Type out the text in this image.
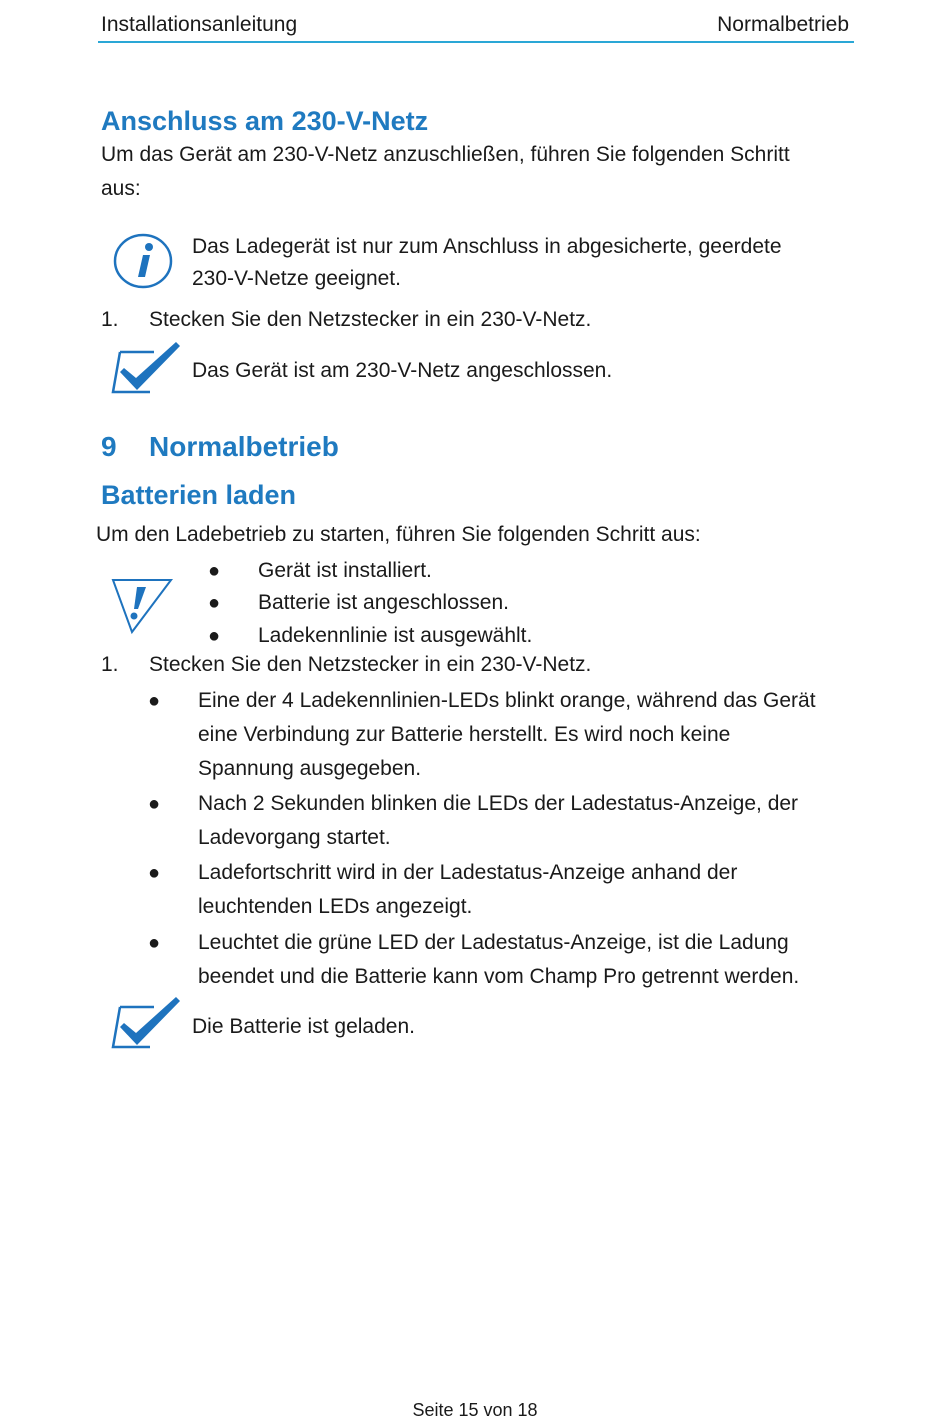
Installationsanleitung	Normalbetrieb
Anschluss am 230-V-Netz
Um das Gerät am 230-V-Netz anzuschließen, führen Sie folgenden Schritt
aus:
Das Ladegerät ist nur zum Anschluss in abgesicherte, geerdete
230-V-Netze geeignet.
1. Stecken Sie den Netzstecker in ein 230-V-Netz.
Das Gerät ist am 230-V-Netz angeschlossen.
9 Normalbetrieb
Batterien laden
Um den Ladebetrieb zu starten, führen Sie folgenden Schritt aus:
● Gerät ist installiert.
● Batterie ist angeschlossen.
● Ladekennlinie ist ausgewählt.
1. Stecken Sie den Netzstecker in ein 230-V-Netz.
● Eine der 4 Ladekennlinien-LEDs blinkt orange, während das Gerät
eine Verbindung zur Batterie herstellt. Es wird noch keine
Spannung ausgegeben.
● Nach 2 Sekunden blinken die LEDs der Ladestatus-Anzeige, der
Ladevorgang startet.
● Ladefortschritt wird in der Ladestatus-Anzeige anhand der
leuchtenden LEDs angezeigt.
● Leuchtet die grüne LED der Ladestatus-Anzeige, ist die Ladung
beendet und die Batterie kann vom Champ Pro getrennt werden.
Die Batterie ist geladen.
Seite 15 von 18
